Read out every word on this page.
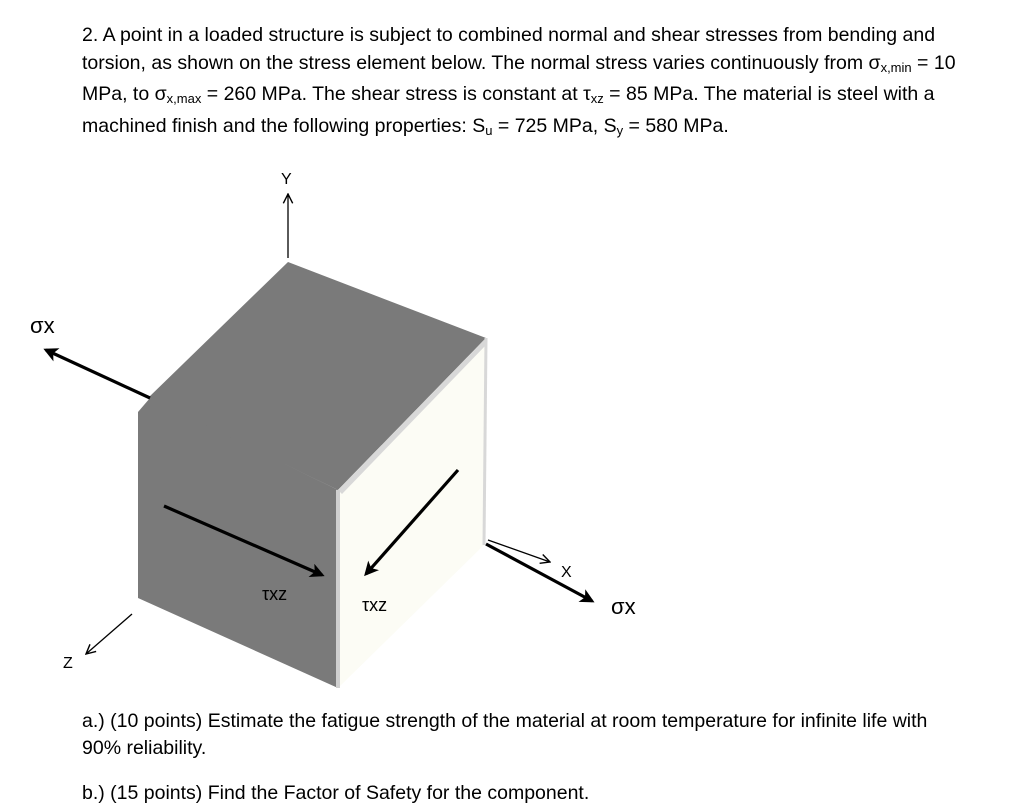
2. A point in a loaded structure is subject to combined normal and shear stresses from bending and torsion, as shown on the stress element below. The normal stress varies continuously from $\sigma_{x,min} = 10$ MPa, to $\sigma_{x,max} = 260$ MPa. The shear stress is constant at $\tau_{xz} = 85$ MPa. The material is steel with a machined finish and the following properties: $S_u = 725$ MPa, $S_y = 580$ MPa.

Y
X
Z
σx
σx
τxz
τxz

a.) (10 points) Estimate the fatigue strength of the material at room temperature for infinite life with 90% reliability.

b.) (15 points) Find the Factor of Safety for the component.
